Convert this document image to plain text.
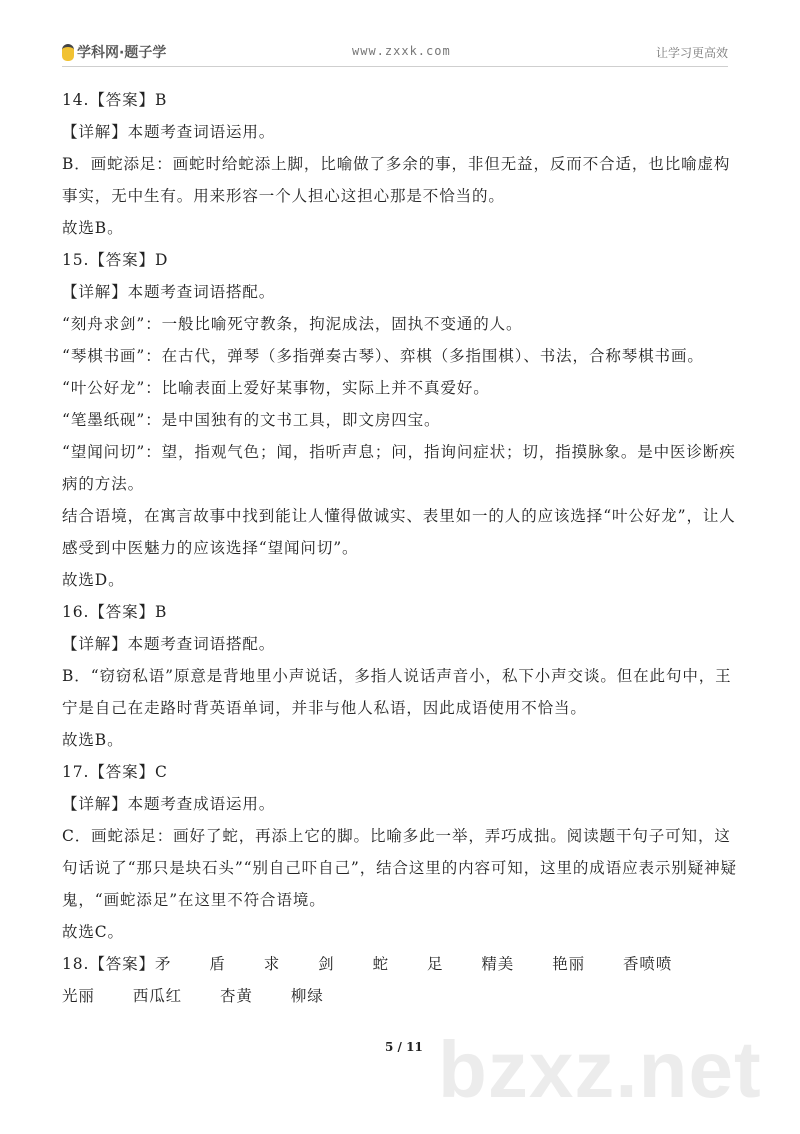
学科网·题子学	www.zxxk.com	让学习更高效
bzxz.net
14.【答案】B
【详解】本题考查词语运用。
B．画蛇添足：画蛇时给蛇添上脚，比喻做了多余的事，非但无益，反而不合适，也比喻虚构
事实，无中生有。用来形容一个人担心这担心那是不恰当的。
故选B。
15.【答案】D
【详解】本题考查词语搭配。
“刻舟求剑”：一般比喻死守教条，拘泥成法，固执不变通的人。
“琴棋书画”：在古代，弹琴（多指弹奏古琴）、弈棋（多指围棋）、书法，合称琴棋书画。
“叶公好龙”：比喻表面上爱好某事物，实际上并不真爱好。
“笔墨纸砚”：是中国独有的文书工具，即文房四宝。
“望闻问切”：望，指观气色；闻，指听声息；问，指询问症状；切，指摸脉象。是中医诊断疾
病的方法。
结合语境，在寓言故事中找到能让人懂得做诚实、表里如一的人的应该选择“叶公好龙”，让人
感受到中医魅力的应该选择“望闻问切”。
故选D。
16.【答案】B
【详解】本题考查词语搭配。
B．“窃窃私语”原意是背地里小声说话，多指人说话声音小，私下小声交谈。但在此句中，王
宁是自己在走路时背英语单词，并非与他人私语，因此成语使用不恰当。
故选B。
17.【答案】C
【详解】本题考查成语运用。
C．画蛇添足：画好了蛇，再添上它的脚。比喻多此一举，弄巧成拙。阅读题干句子可知，这
句话说了“那只是块石头”“别自己吓自己”，结合这里的内容可知，这里的成语应表示别疑神疑
鬼，“画蛇添足”在这里不符合语境。
故选C。
18.【答案】矛 盾 求 剑 蛇 足 精美 艳丽 香喷喷
光丽 西瓜红 杏黄 柳绿
5 / 11
